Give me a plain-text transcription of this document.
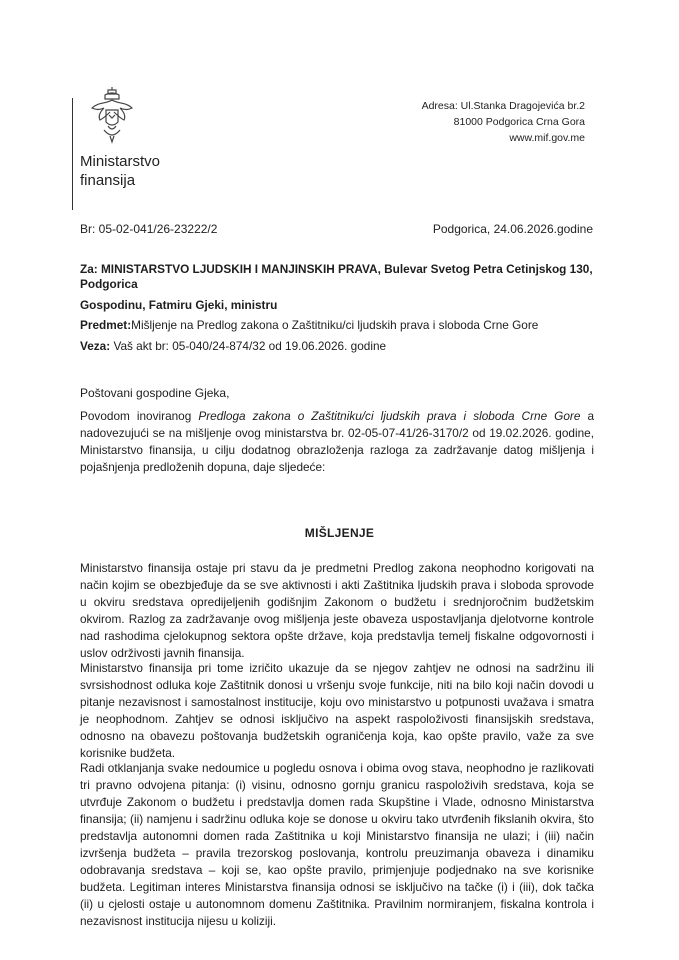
Ministarstvo
finansija
Adresa: Ul.Stanka Dragojevića br.2
81000 Podgorica Crna Gora
www.mif.gov.me
Br: 05-02-041/26-23222/2	Podgorica, 24.06.2026.godine
Za: MINISTARSTVO LJUDSKIH I MANJINSKIH PRAVA, Bulevar Svetog Petra Cetinjskog 130, Podgorica
Gospodinu, Fatmiru Gjeki, ministru
Predmet:Mišljenje na Predlog zakona o Zaštitniku/ci ljudskih prava i sloboda Crne Gore
Veza: Vaš akt br: 05-040/24-874/32 od 19.06.2026. godine
Poštovani gospodine Gjeka,
Povodom inoviranog Predloga zakona o Zaštitniku/ci ljudskih prava i sloboda Crne Gore a nadovezujući se na mišljenje ovog ministarstva br. 02-05-07-41/26-3170/2 od 19.02.2026. godine, Ministarstvo finansija, u cilju dodatnog obrazloženja razloga za zadržavanje datog mišljenja i pojašnjenja predloženih dopuna, daje sljedeće:
MIŠLJENJE
Ministarstvo finansija ostaje pri stavu da je predmetni Predlog zakona neophodno korigovati na način kojim se obezbjeđuje da se sve aktivnosti i akti Zaštitnika ljudskih prava i sloboda sprovode u okviru sredstava opredijeljenih godišnjim Zakonom o budžetu i srednjoročnim budžetskim okvirom. Razlog za zadržavanje ovog mišljenja jeste obaveza uspostavljanja djelotvorne kontrole nad rashodima cjelokupnog sektora opšte države, koja predstavlja temelj fiskalne odgovornosti i uslov održivosti javnih finansija.
Ministarstvo finansija pri tome izričito ukazuje da se njegov zahtjev ne odnosi na sadržinu ili svrsishodnost odluka koje Zaštitnik donosi u vršenju svoje funkcije, niti na bilo koji način dovodi u pitanje nezavisnost i samostalnost institucije, koju ovo ministarstvo u potpunosti uvažava i smatra je neophodnom. Zahtjev se odnosi isključivo na aspekt raspoloživosti finansijskih sredstava, odnosno na obavezu poštovanja budžetskih ograničenja koja, kao opšte pravilo, važe za sve korisnike budžeta.
Radi otklanjanja svake nedoumice u pogledu osnova i obima ovog stava, neophodno je razlikovati tri pravno odvojena pitanja: (i) visinu, odnosno gornju granicu raspoloživih sredstava, koja se utvrđuje Zakonom o budžetu i predstavlja domen rada Skupštine i Vlade, odnosno Ministarstva finansija; (ii) namjenu i sadržinu odluka koje se donose u okviru tako utvrđenih fikslanih okvira, što predstavlja autonomni domen rada Zaštitnika u koji Ministarstvo finansija ne ulazi; i (iii) način izvršenja budžeta – pravila trezorskog poslovanja, kontrolu preuzimanja obaveza i dinamiku odobravanja sredstava – koji se, kao opšte pravilo, primjenjuje podjednako na sve korisnike budžeta. Legitiman interes Ministarstva finansija odnosi se isključivo na tačke (i) i (iii), dok tačka (ii) u cjelosti ostaje u autonomnom domenu Zaštitnika. Pravilnim normiranjem, fiskalna kontrola i nezavisnost institucija nijesu u koliziji.
